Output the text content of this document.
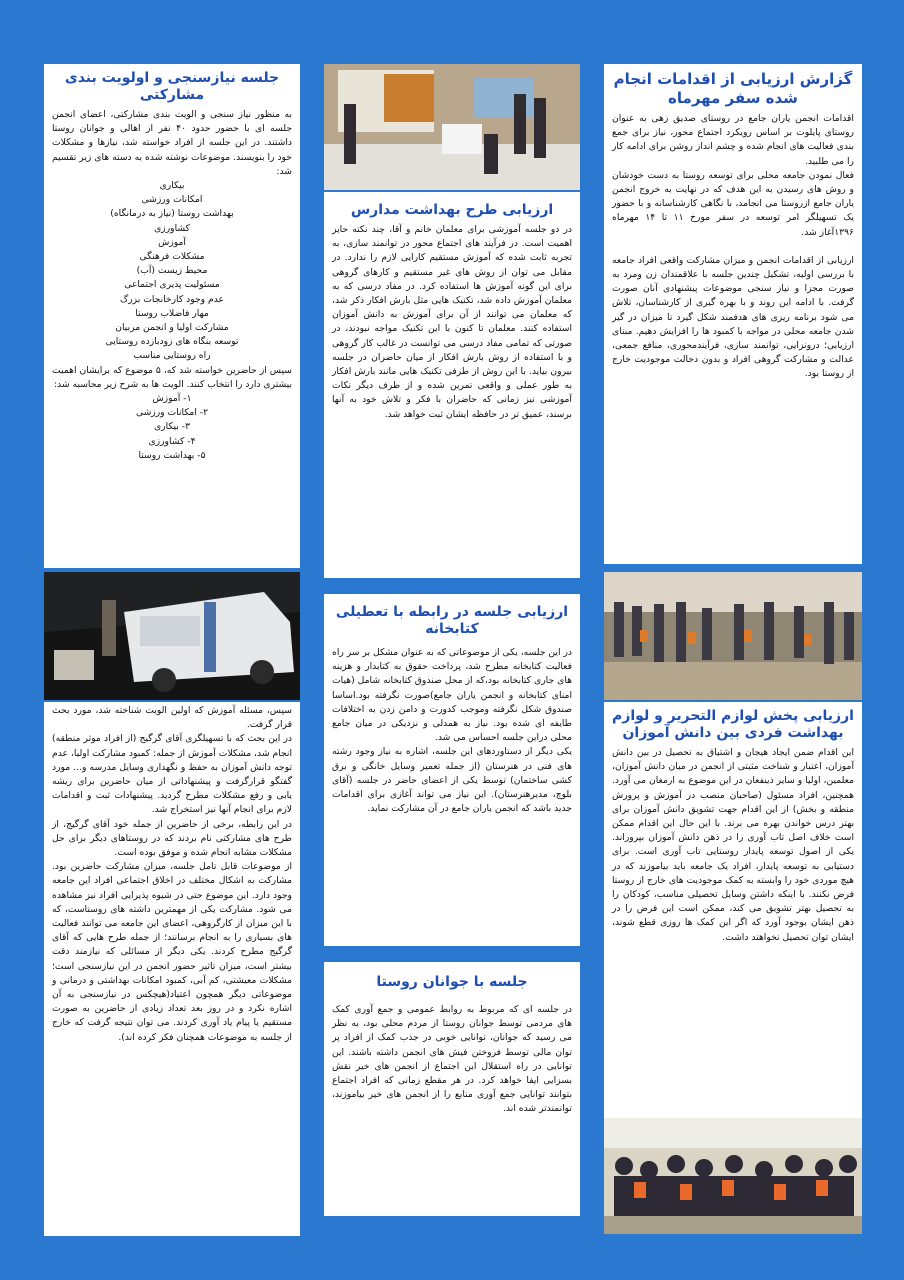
گزارش ارزیابی از اقدامات انجام شده سفر مهرماه

اقدامات انجمن یاران جامع در روستای صدیق زهی به عنوان روستای پایلوت بر اساس رویکرد اجتماع محور، نیاز برای جمع بندی فعالیت های انجام شده و چشم انداز روشن برای ادامه کار را می طلبید.

فعال نمودن جامعه محلی برای توسعه روستا به دست خودشان و روش های رسیدن به این هدف که در نهایت به خروج انجمن یاران جامع ازروستا می انجامد، با نگاهی کارشناسانه و با حضور یک تسهیلگر امر توسعه در سفر مورخ ۱۱ تا ۱۴ مهرماه ۱۳۹۶آغاز شد.

ارزیابی از اقدامات انجمن و میزان مشارکت واقعی افراد جامعه با بررسی اولیه، تشکیل چندین جلسه با علاقمندان زن ومرد به صورت مجزا و نیاز سنجی موضوعات پیشنهادی آنان صورت گرفت. با ادامه این روند و با بهره گیری از کارشناسان، تلاش می شود برنامه ریزی های هدفمند شکل گیرد تا میزان در گیر شدن جامعه محلی در مواجه با کمبود ها را افزایش دهیم. مبنای ارزیابی؛ درونزایی، توانمند سازی، فرآیندمحوری، منافع جمعی، عدالت و مشارکت گروهی افراد و بدون دخالت موجودیت خارج از روستا بود.

ارزیابی پخش لوازم التحریر و لوازم بهداشت فردی بین دانش آموزان

این اقدام ضمن ایجاد هیجان و اشتیاق به تحصیل در بین دانش آموزان، اعتبار و شناخت مثبتی از انجمن در میان دانش آموزان، معلمین، اولیا و سایر ذینفعان در این موضوع به ارمغان می آورد. همچنین، افراد مسئول (صاحبان منصب در آموزش و پرورش منطقه و بخش) از این اقدام جهت تشویق دانش آموزان برای بهتر درس خواندن بهره می برند. با این حال این اقدام ممکن است خلاف اصل تاب آوری را در ذهن دانش آموزان بپروراند. یکی از اصول توسعه پایدار روستایی تاب آوری است. برای دستیابی به توسعه پایدار، افراد یک جامعه باید بیاموزند که در هیچ موردی خود را وابسته به کمک موجودیت های خارج از روستا فرض نکنند. با اینکه داشتن وسایل تحصیلی مناسب، کودکان را به تحصیل بهتر تشویق می کند، ممکن است این فرض را در ذهن ایشان بوجود آورد که اگر این کمک ها روزی قطع شوند، ایشان توان تحصیل نخواهند داشت.

ارزیابی طرح بهداشت مدارس

در دو جلسه آموزشی برای معلمان خانم و آقا، چند نکته حایز اهمیت است. در فرآیند های اجتماع محور در توانمند سازی، به تجربه ثابت شده که آموزش مستقیم کارایی لازم را ندارد. در مقابل می توان از روش های غیر مستقیم و کارهای گروهی برای این گونه آموزش ها استفاده کرد. در مفاد درسی که به معلمان آموزش داده شد، تکنیک هایی مثل بارش افکار ذکر شد، که معلمان می توانند از آن برای آموزش به دانش آموزان استفاده کنند. معلمان تا کنون با این تکنیک مواجه نبودند، در صورتی که تمامی مفاد درسی می توانست در غالب کار گروهی و با استفاده از روش بارش افکار از میان حاضران در جلسه بیرون بیاید. با این روش از طرفی تکنیک هایی مانند بارش افکار به طور عملی و واقعی تمرین شده و از طرف دیگر نکات آموزشی نیز زمانی که حاضران با فکر و تلاش خود به آنها برسند، عمیق تر در حافظه ایشان ثبت خواهد شد.

ارزیابی جلسه در رابطه با تعطیلی کتابخانه

در این جلسه، یکی از موضوعاتی که به عنوان مشکل بر سر راه فعالیت کتابخانه مطرح شد، پرداخت حقوق به کتابدار و هزینه های جاری کتابخانه بود،که از محل صندوق کتابخانه شامل (هیات امنای کتابخانه و انجمن یاران جامع)صورت نگرفته بود.اساسا صندوق شکل نگرفته وموجب کدورت و دامن زدن به اختلافات طایفه ای شده بود. نیاز به همدلی و نزدیکی در میان جامع محلی دراین جلسه احساس می شد.

یکی دیگر از دستاوردهای این جلسه، اشاره به نیاز وجود رشته های فنی در هنرستان (از جمله تعمیر وسایل خانگی و برق کشی ساختمان) توسط یکی از اعضای حاضر در جلسه (آقای بلوچ، مدیرهنرستان). این نیاز می تواند آغازی برای اقدامات جدید باشد که انجمن یاران جامع در آن مشارکت نماید.

جلسه با جوانان روستا

در جلسه ای که مربوط به روابط عمومی و جمع آوری کمک های مردمی توسط جوانان روستا از مردم محلی بود، به نظر می رسید که جوانان، توانایی خوبی در جذب کمک از افراد پر توان مالی توسط فروختن فیش های انجمن داشته باشند. این توانایی در راه استقلال این اجتماع از انجمن های خیر نقش بسزایی ایفا خواهد کرد. در هر مقطع زمانی که افراد اجتماع بتوانند توانایی جمع آوری منابع را از انجمن های خیر بیاموزند، توانمندتر شده اند.

جلسه نیازسنجی و اولویت بندی مشارکتی

به منظور نیاز سنجی و الویت بندی مشارکتی، اعضای انجمن جلسه ای با حضور حدود ۴۰ نفر از اهالی و جوانان روستا داشتند. در این جلسه از افراد خواسته شد، نیازها و مشکلات خود را بنویسند. موضوعات نوشته شده به دسته های زیر تقسیم شد:

بیکاری
امکانات ورزشی
بهداشت روستا (نیاز به درمانگاه)
کشاورزی
آموزش
مشکلات فرهنگی
محیط زیست (آب)
مسئولیت پذیری اجتماعی
عدم وجود کارخانجات بزرگ
مهار فاضلاب روستا
مشارکت اولیا و انجمن مربیان
توسعه بنگاه های زودبازده روستایی
راه روستایی مناسب

سپس از حاضرین خواسته شد که، ۵ موضوع که برایشان اهمیت بیشتری دارد را انتخاب کنند. الویت ها به شرح زیر محاسبه شد:

۱- آموزش
۲- امکانات ورزشی
۳- بیکاری
۴- کشاورزی
۵- بهداشت روستا

سپس، مسئله آموزش که اولین الویت شناخته شد، مورد بحث قرار گرفت.

در این بحث که با تسهیلگری آقای گرگیج (از افراد موثر منطقه) انجام شد، مشکلات آموزش از جمله: کمبود مشارکت اولیا، عدم توجه دانش آموزان به حفظ و نگهداری وسایل مدرسه و... مورد گفتگو قرارگرفت و پیشنهاداتی از میان حاضرین برای ریشه یابی و رفع مشکلات مطرح گردید. پیشنهادات ثبت و اقدامات لازم برای انجام آنها نیز استخراج شد.

در این رابطه، برخی از حاضرین از جمله خود آقای گرگیج، از طرح های مشارکتی نام بردند که در روستاهای دیگر برای حل مشکلات مشابه انجام شده و موفق بوده است.

از موضوعات قابل تامل جلسه، میزان مشارکت حاضرین بود. مشارکت به اشکال مختلف در اخلاق اجتماعی افراد این جامعه وجود دارد. این موضوع حتی در شیوه پذیرایی افراد نیز مشاهده می شود. مشارکت یکی از مهمترین داشته های روستاست، که با این میزان از کارگروهی، اعضای این جامعه می توانند فعالیت های بسیاری را به انجام برسانند؛ از جمله طرح هایی که آقای گرگیج مطرح کردند. یکی دیگر از مسائلی که نیازمند دقت بیشتر است، میزان تاثیر حضور انجمن در این نیازسنجی است؛ مشکلات معیشتی، کم آبی، کمبود امکانات بهداشتی و درمانی و موضوعاتی دیگر همچون اعتیاد(هیچکس در نیازسنجی به آن اشاره نکرد و در روز بعد تعداد زیادی از حاضرین به صورت مستقیم یا پیام یاد آوری کردند. می توان نتیجه گرفت که خارج از جلسه به موضوعات همچنان فکر کرده اند).
